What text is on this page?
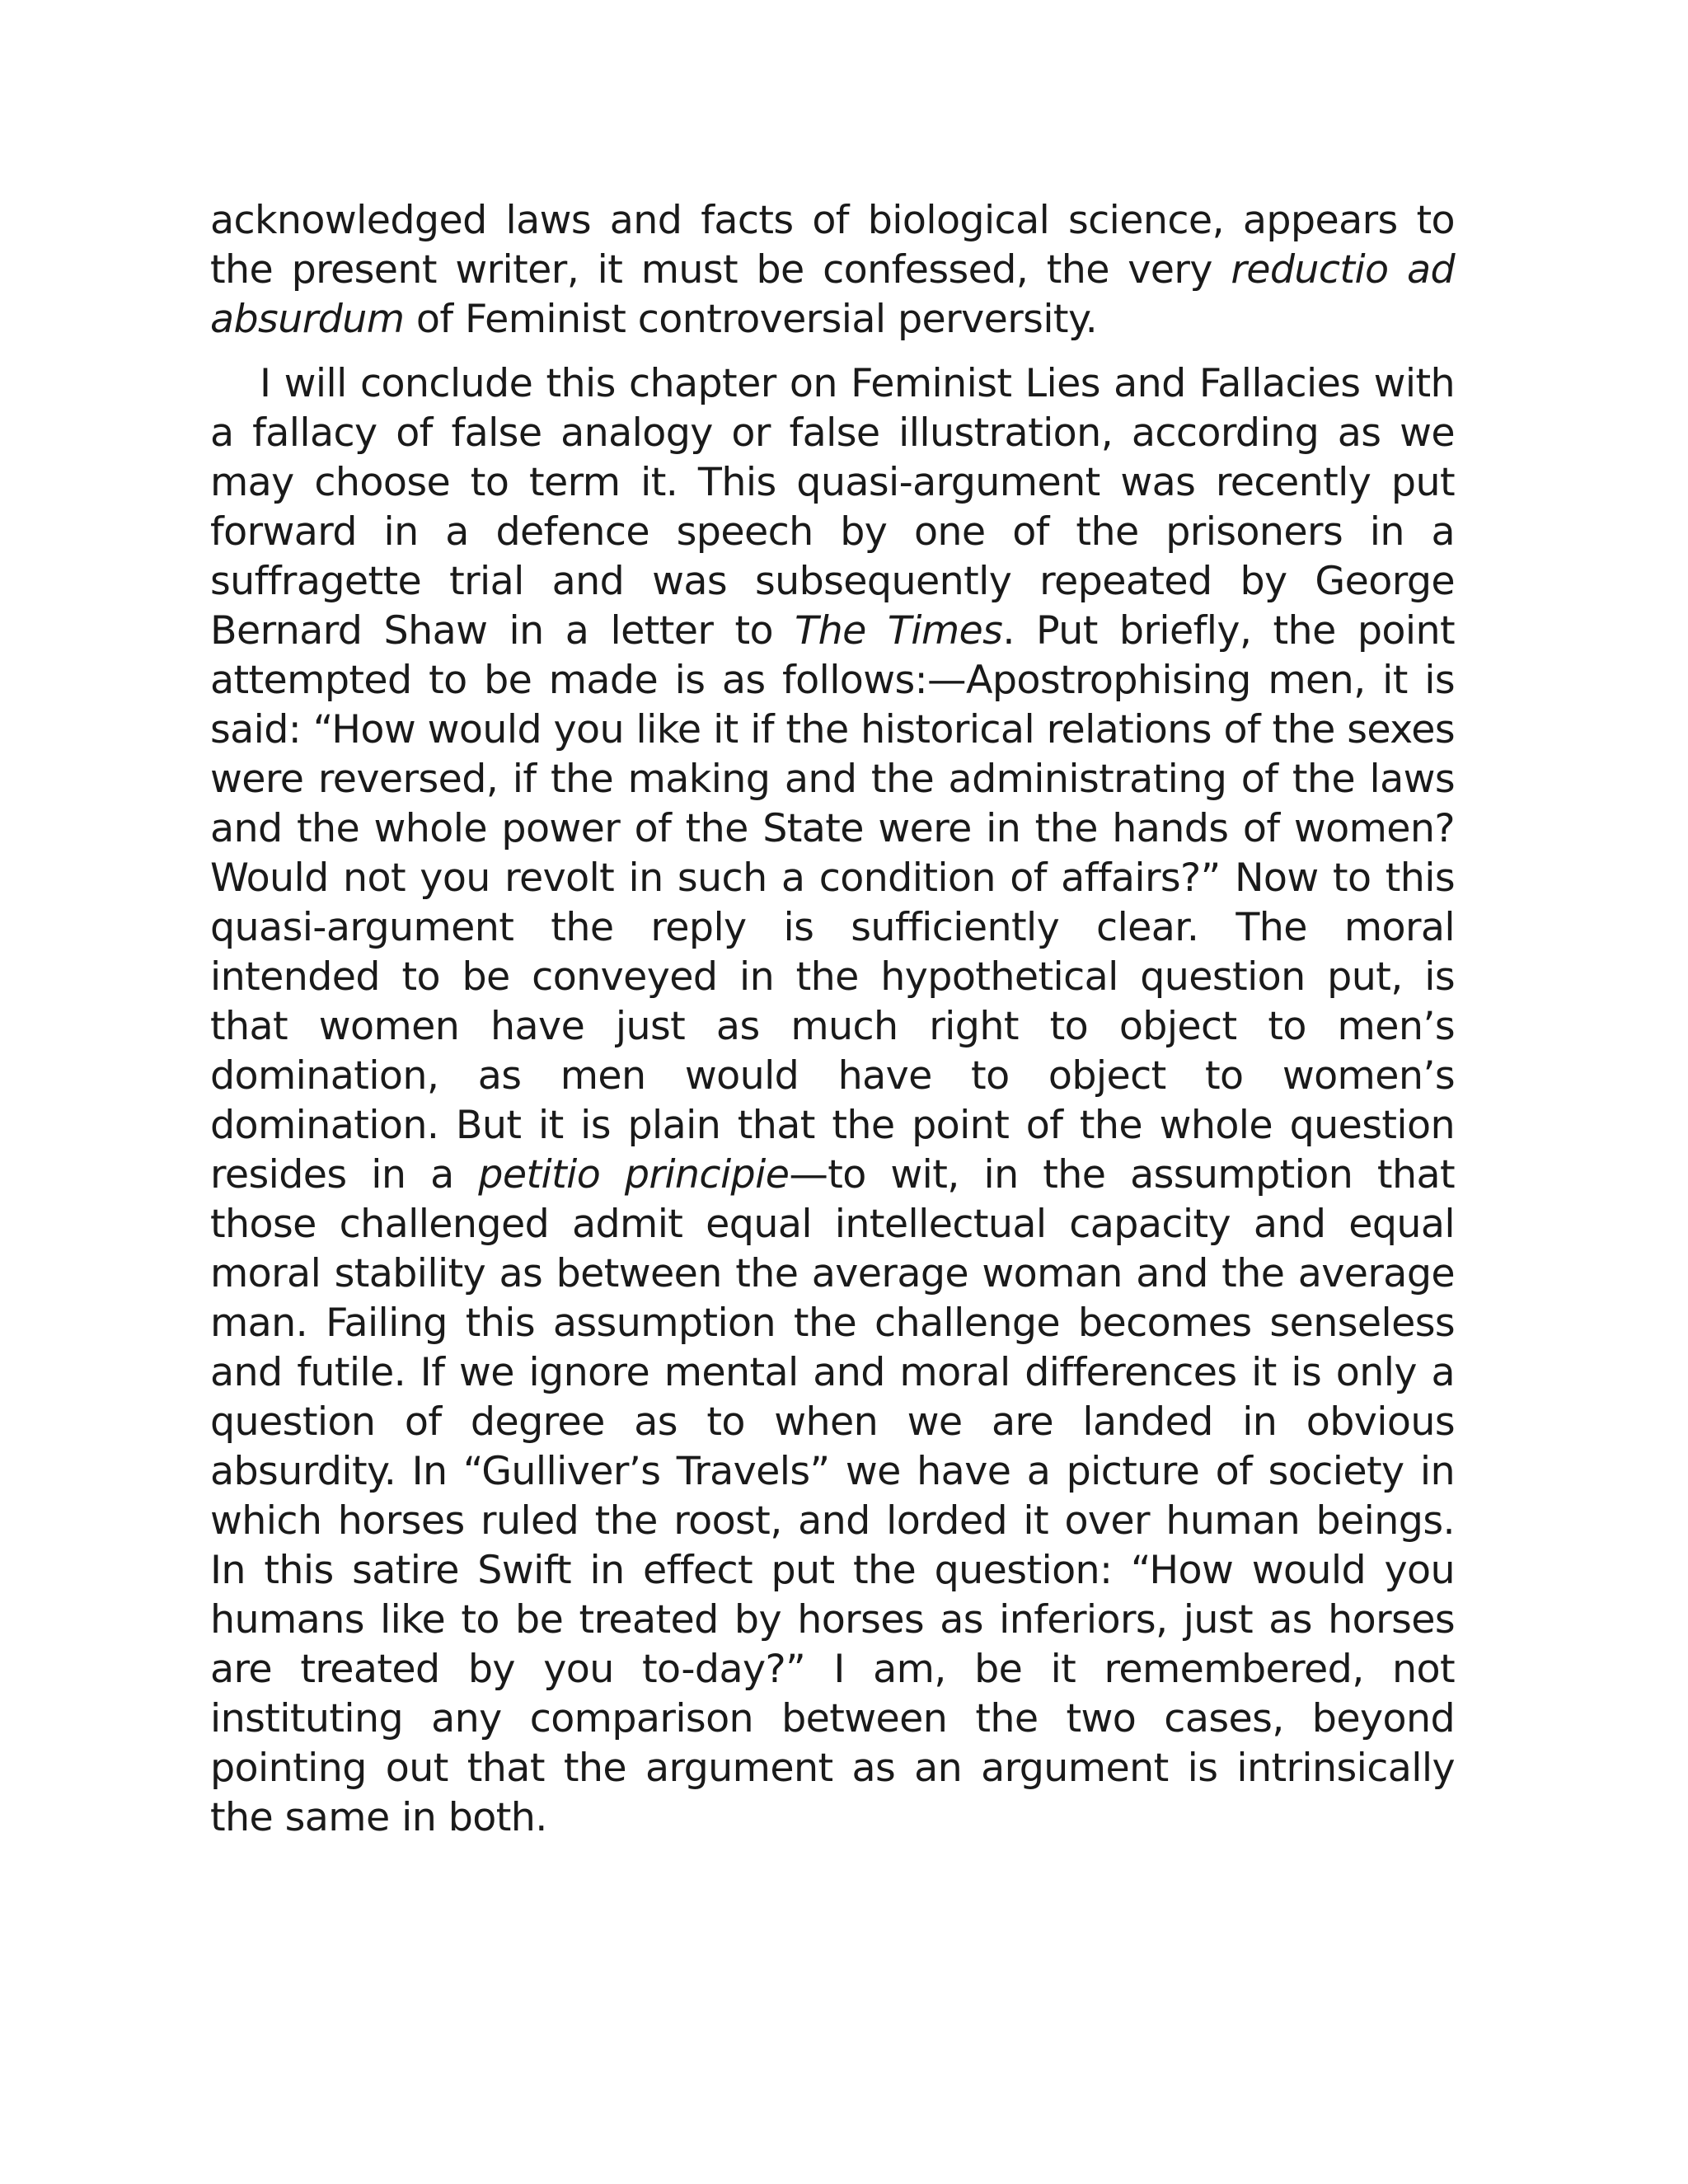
acknowledged laws and facts of biological science, appears to the present writer, it must be confessed, the very reductio ad absurdum of Feminist controversial perversity.

I will conclude this chapter on Feminist Lies and Fallacies with a fallacy of false analogy or false illustration, according as we may choose to term it. This quasi-argument was recently put forward in a defence speech by one of the prisoners in a suffragette trial and was subsequently repeated by George Bernard Shaw in a letter to The Times. Put briefly, the point attempted to be made is as follows:—Apostrophising men, it is said: “How would you like it if the historical relations of the sexes were reversed, if the making and the administrating of the laws and the whole power of the State were in the hands of women? Would not you revolt in such a condition of affairs?” Now to this quasi-argument the reply is sufficiently clear. The moral intended to be conveyed in the hypothetical question put, is that women have just as much right to object to men’s domination, as men would have to object to women’s domination. But it is plain that the point of the whole question resides in a petitio principie—to wit, in the assumption that those challenged admit equal intellectual capacity and equal moral stability as between the average woman and the average man. Failing this assumption the challenge becomes senseless and futile. If we ignore mental and moral differences it is only a question of degree as to when we are landed in obvious absurdity. In “Gulliver’s Travels” we have a picture of society in which horses ruled the roost, and lorded it over human beings. In this satire Swift in effect put the question: “How would you humans like to be treated by horses as inferiors, just as horses are treated by you to-day?” I am, be it remembered, not instituting any comparison between the two cases, beyond pointing out that the argument as an argument is intrinsically the same in both.
